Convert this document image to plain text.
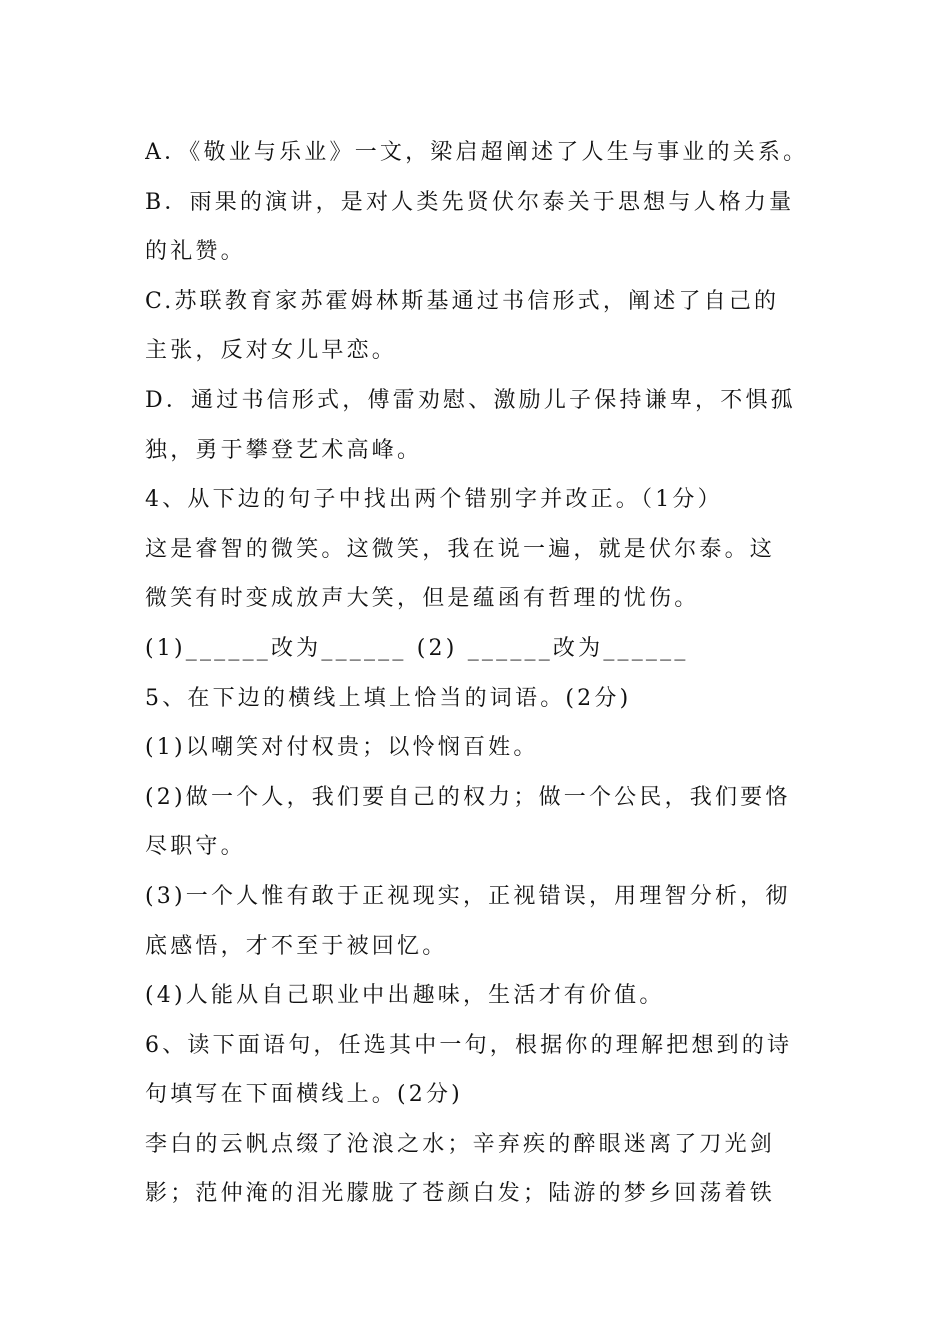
A．《敬业与乐业》一文，梁启超阐述了人生与事业的关系。
B．雨果的演讲，是对人类先贤伏尔泰关于思想与人格力量
的礼赞。
C.苏联教育家苏霍姆林斯基通过书信形式，阐述了自己的
主张，反对女儿早恋。
D．通过书信形式，傅雷劝慰、激励儿子保持谦卑，不惧孤
独，勇于攀登艺术高峰。
4、从下边的句子中找出两个错别字并改正。（1分）
这是睿智的微笑。这微笑，我在说一遍，就是伏尔泰。这
微笑有时变成放声大笑，但是蕴函有哲理的忧伤。
(1)______改为______ (2) ______改为______
5、在下边的横线上填上恰当的词语。(2分)
(1)以嘲笑对付权贵；以怜悯百姓。
(2)做一个人，我们要自己的权力；做一个公民，我们要恪
尽职守。
(3)一个人惟有敢于正视现实，正视错误，用理智分析，彻
底感悟，才不至于被回忆。
(4)人能从自己职业中出趣味，生活才有价值。
6、读下面语句，任选其中一句，根据你的理解把想到的诗
句填写在下面横线上。(2分)
李白的云帆点缀了沧浪之水；辛弃疾的醉眼迷离了刀光剑
影；范仲淹的泪光朦胧了苍颜白发；陆游的梦乡回荡着铁
